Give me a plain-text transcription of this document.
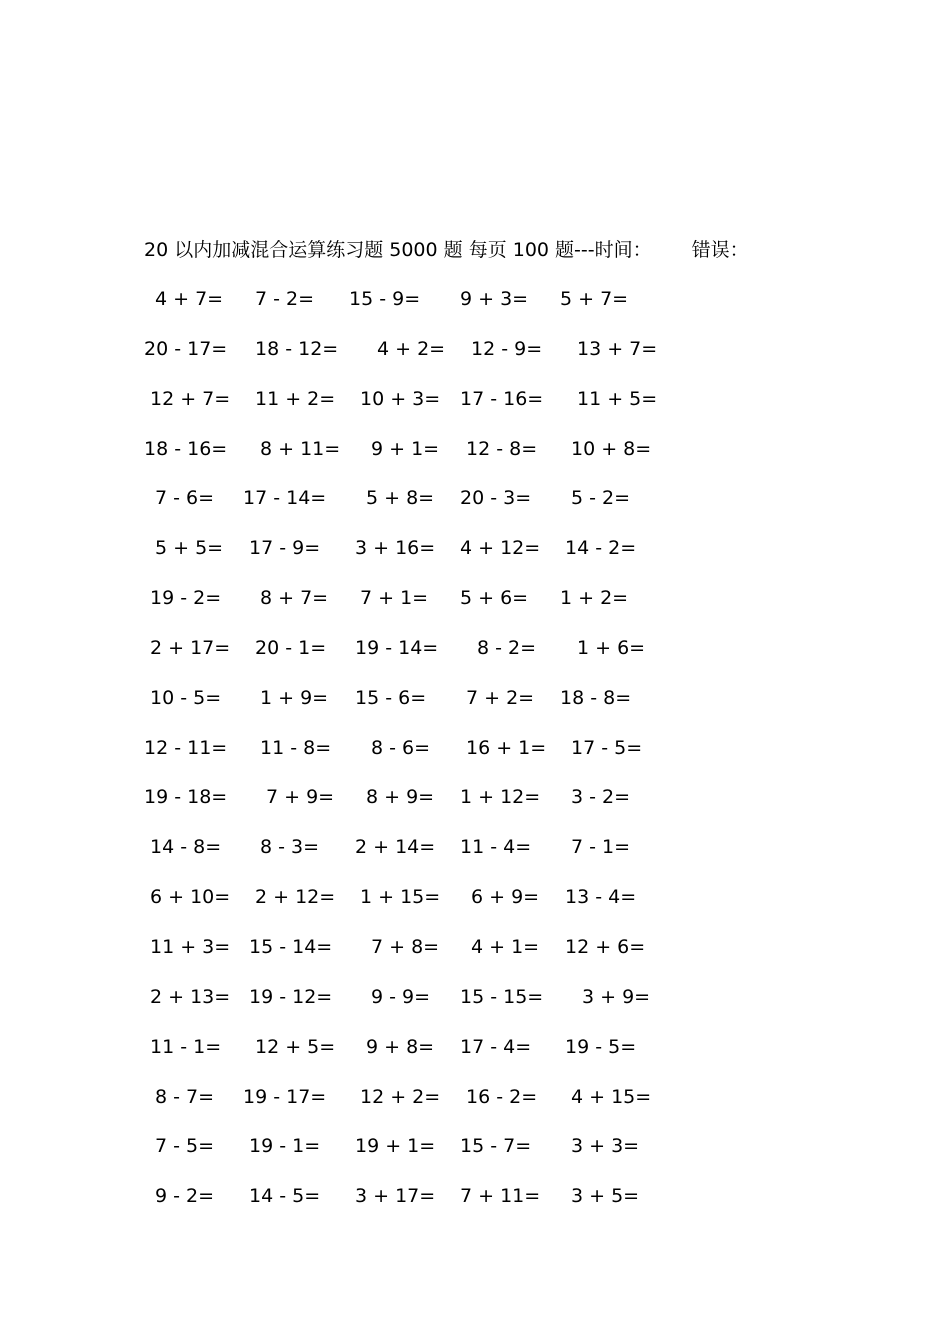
20 以内加减混合运算练习题 5000 题 每页 100 题---时间： 错误：
4 + 7= 7 - 2= 15 - 9= 9 + 3= 5 + 7=
20 - 17= 18 - 12= 4 + 2= 12 - 9= 13 + 7=
12 + 7= 11 + 2= 10 + 3= 17 - 16= 11 + 5=
18 - 16= 8 + 11= 9 + 1= 12 - 8= 10 + 8=
7 - 6= 17 - 14= 5 + 8= 20 - 3= 5 - 2=
5 + 5= 17 - 9= 3 + 16= 4 + 12= 14 - 2=
19 - 2= 8 + 7= 7 + 1= 5 + 6= 1 + 2=
2 + 17= 20 - 1= 19 - 14= 8 - 2= 1 + 6=
10 - 5= 1 + 9= 15 - 6= 7 + 2= 18 - 8=
12 - 11= 11 - 8= 8 - 6= 16 + 1= 17 - 5=
19 - 18= 7 + 9= 8 + 9= 1 + 12= 3 - 2=
14 - 8= 8 - 3= 2 + 14= 11 - 4= 7 - 1=
6 + 10= 2 + 12= 1 + 15= 6 + 9= 13 - 4=
11 + 3= 15 - 14= 7 + 8= 4 + 1= 12 + 6=
2 + 13= 19 - 12= 9 - 9= 15 - 15= 3 + 9=
11 - 1= 12 + 5= 9 + 8= 17 - 4= 19 - 5=
8 - 7= 19 - 17= 12 + 2= 16 - 2= 4 + 15=
7 - 5= 19 - 1= 19 + 1= 15 - 7= 3 + 3=
9 - 2= 14 - 5= 3 + 17= 7 + 11= 3 + 5=
